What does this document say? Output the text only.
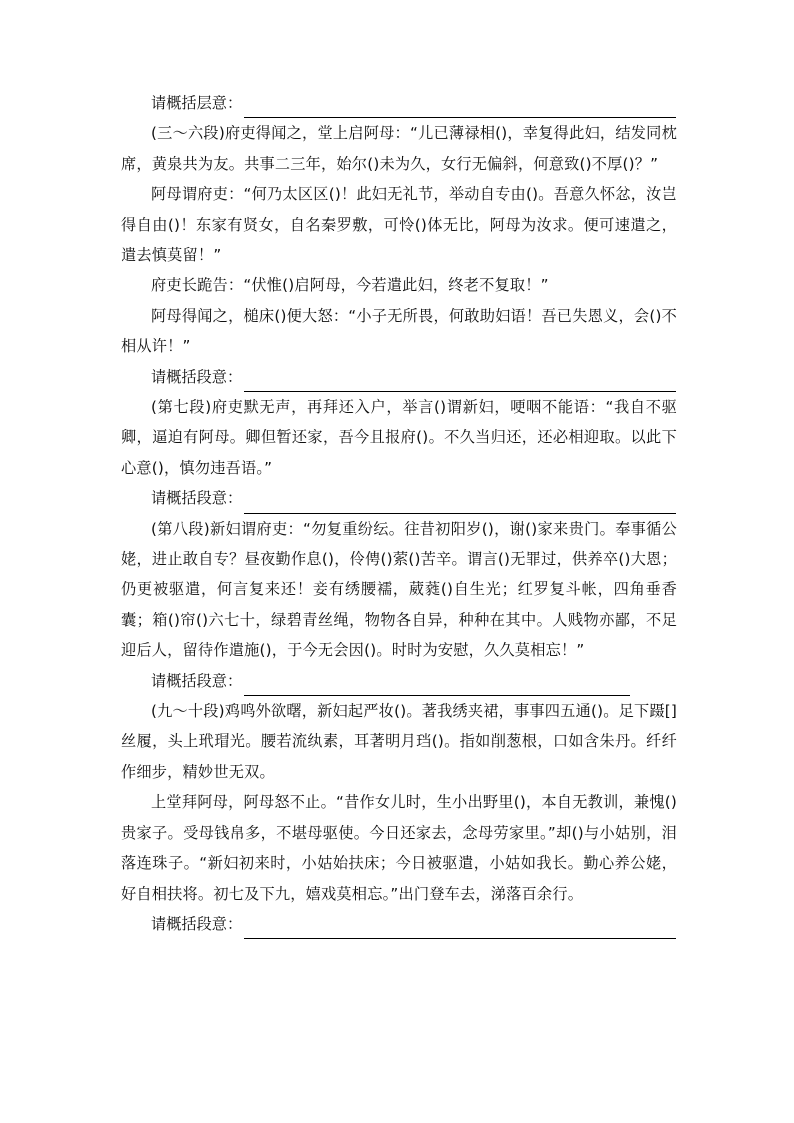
请概括层意：

(三～六段)府吏得闻之，堂上启阿母：“儿已薄禄相()，幸复得此妇，结发同枕席，黄泉共为友。共事二三年，始尔()未为久，女行无偏斜，何意致()不厚()？”

阿母谓府吏：“何乃太区区()！此妇无礼节，举动自专由()。吾意久怀忿，汝岂得自由()！东家有贤女，自名秦罗敷，可怜()体无比，阿母为汝求。便可速遣之，遣去慎莫留！”

府吏长跪告：“伏惟()启阿母，今若遣此妇，终老不复取！”

阿母得闻之，槌床()便大怒：“小子无所畏，何敢助妇语！吾已失恩义，会()不相从许！”

请概括段意：

(第七段)府吏默无声，再拜还入户，举言()谓新妇，哽咽不能语：“我自不驱卿，逼迫有阿母。卿但暂还家，吾今且报府()。不久当归还，还必相迎取。以此下心意()，慎勿违吾语。”

请概括段意：

(第八段)新妇谓府吏：“勿复重纷纭。往昔初阳岁()，谢()家来贵门。奉事循公姥，进止敢自专？昼夜勤作息()，伶俜()萦()苦辛。谓言()无罪过，供养卒()大恩；仍更被驱遣，何言复来还！妾有绣腰襦，葳蕤()自生光；红罗复斗帐，四角垂香囊；箱()帘()六七十，绿碧青丝绳，物物各自异，种种在其中。人贱物亦鄙，不足迎后人，留待作遣施()，于今无会因()。时时为安慰，久久莫相忘！”

请概括段意：

(九～十段)鸡鸣外欲曙，新妇起严妆()。著我绣夹裙，事事四五通()。足下蹑[]丝履，头上玳瑁光。腰若流纨素，耳著明月珰()。指如削葱根，口如含朱丹。纤纤作细步，精妙世无双。

上堂拜阿母，阿母怒不止。“昔作女儿时，生小出野里()，本自无教训，兼愧()贵家子。受母钱帛多，不堪母驱使。今日还家去，念母劳家里。”却()与小姑别，泪落连珠子。“新妇初来时，小姑始扶床；今日被驱遣，小姑如我长。勤心养公姥，好自相扶将。初七及下九，嬉戏莫相忘。”出门登车去，涕落百余行。

请概括段意：
